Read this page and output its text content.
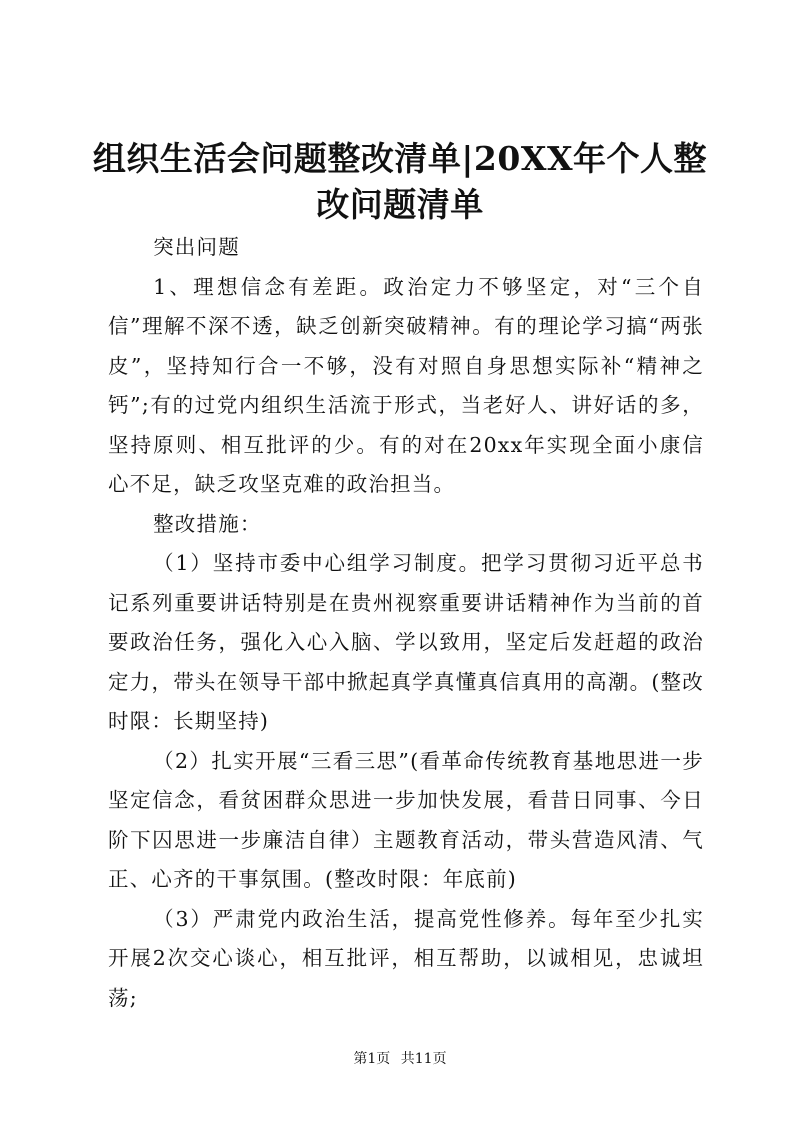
组织生活会问题整改清单|20XX年个人整改问题清单

突出问题

1、理想信念有差距。政治定力不够坚定，对“三个自信”理解不深不透，缺乏创新突破精神。有的理论学习搞“两张皮”，坚持知行合一不够，没有对照自身思想实际补“精神之钙”;有的过党内组织生活流于形式，当老好人、讲好话的多，坚持原则、相互批评的少。有的对在20xx年实现全面小康信心不足，缺乏攻坚克难的政治担当。

整改措施：

（1）坚持市委中心组学习制度。把学习贯彻习近平总书记系列重要讲话特别是在贵州视察重要讲话精神作为当前的首要政治任务，强化入心入脑、学以致用，坚定后发赶超的政治定力，带头在领导干部中掀起真学真懂真信真用的高潮。(整改时限：长期坚持)

（2）扎实开展“三看三思”(看革命传统教育基地思进一步坚定信念，看贫困群众思进一步加快发展，看昔日同事、今日阶下囚思进一步廉洁自律）主题教育活动，带头营造风清、气正、心齐的干事氛围。(整改时限：年底前)

（3）严肃党内政治生活，提高党性修养。每年至少扎实开展2次交心谈心，相互批评，相互帮助，以诚相见，忠诚坦荡;

第1页 共11页
